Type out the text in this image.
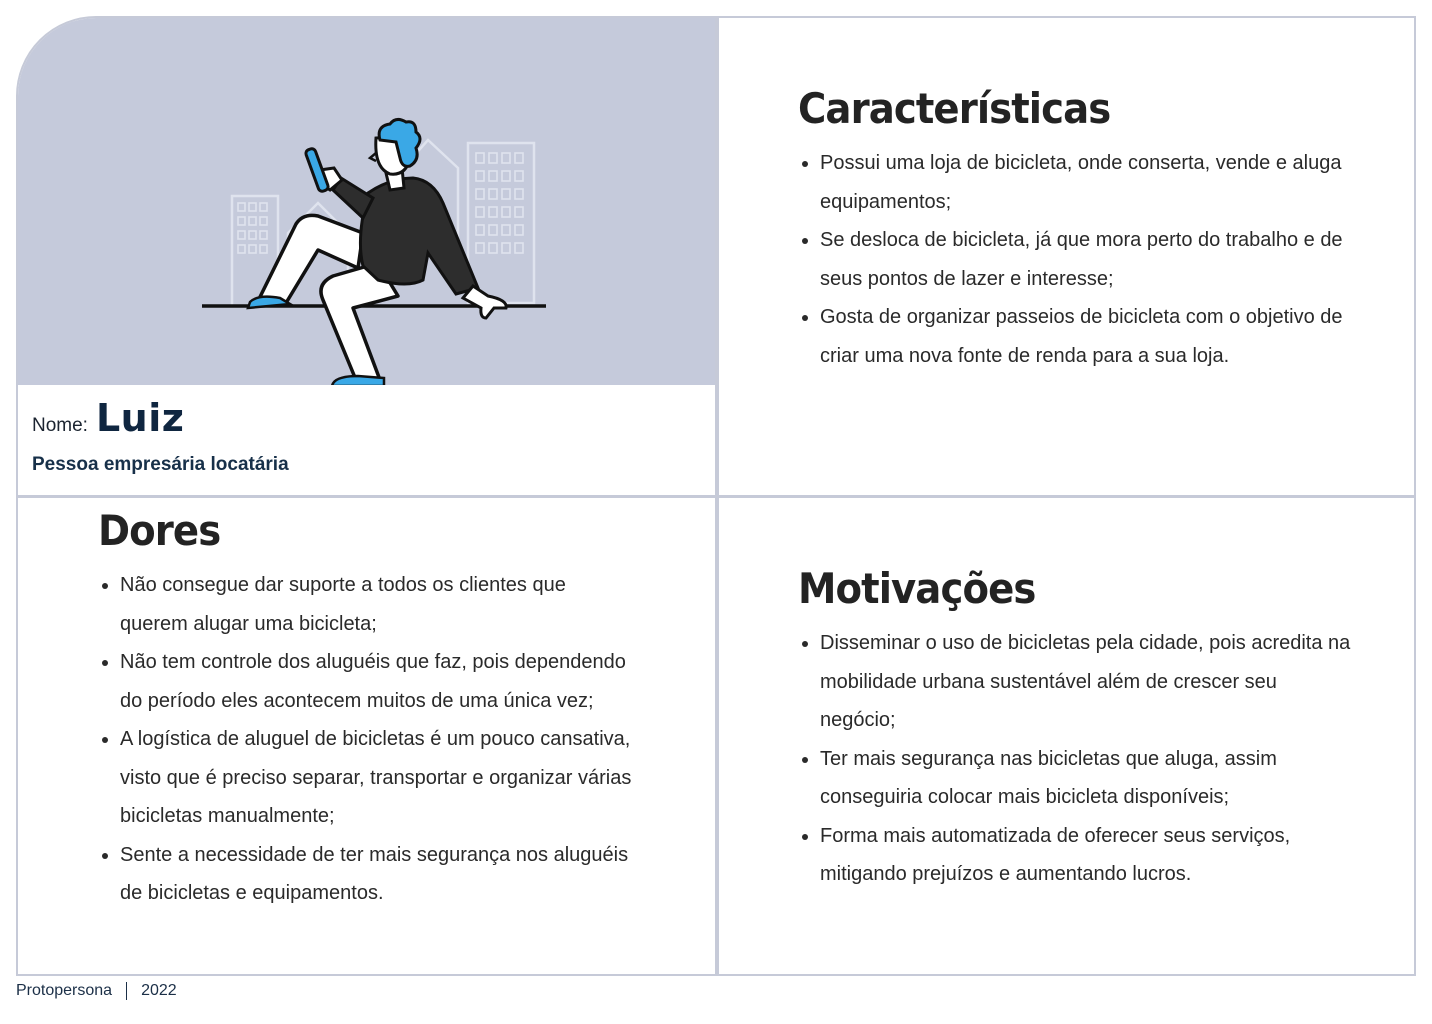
Nome: Luiz
Pessoa empresária locatária
Características
• Possui uma loja de bicicleta, onde conserta, vende e aluga equipamentos;
• Se desloca de bicicleta, já que mora perto do trabalho e de seus pontos de lazer e interesse;
• Gosta de organizar passeios de bicicleta com o objetivo de criar uma nova fonte de renda para a sua loja.
Dores
• Não consegue dar suporte a todos os clientes que querem alugar uma bicicleta;
• Não tem controle dos aluguéis que faz, pois dependendo do período eles acontecem muitos de uma única vez;
• A logística de aluguel de bicicletas é um pouco cansativa, visto que é preciso separar, transportar e organizar várias bicicletas manualmente;
• Sente a necessidade de ter mais segurança nos aluguéis de bicicletas e equipamentos.
Motivações
• Disseminar o uso de bicicletas pela cidade, pois acredita na mobilidade urbana sustentável além de crescer seu negócio;
• Ter mais segurança nas bicicletas que aluga, assim conseguiria colocar mais bicicleta disponíveis;
• Forma mais automatizada de oferecer seus serviços, mitigando prejuízos e aumentando lucros.
Protopersona 2022
